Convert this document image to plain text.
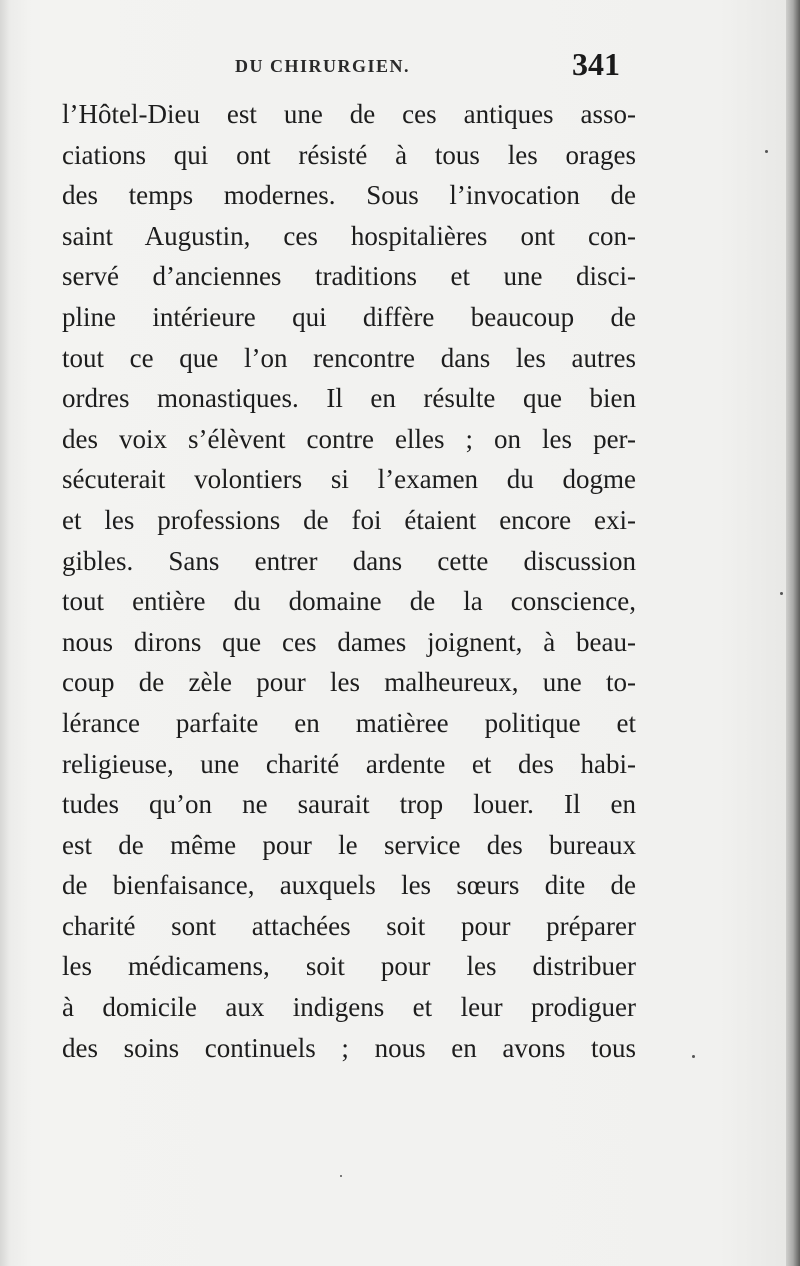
DU CHIRURGIEN.	341
l’Hôtel-Dieu est une de ces antiques asso-
ciations qui ont résisté à tous les orages
des temps modernes. Sous l’invocation de
saint Augustin, ces hospitalières ont con-
servé d’anciennes traditions et une disci-
pline intérieure qui diffère beaucoup de
tout ce que l’on rencontre dans les autres
ordres monastiques. Il en résulte que bien
des voix s’élèvent contre elles ; on les per-
sécuterait volontiers si l’examen du dogme
et les professions de foi étaient encore exi-
gibles. Sans entrer dans cette discussion
tout entière du domaine de la conscience,
nous dirons que ces dames joignent, à beau-
coup de zèle pour les malheureux, une to-
lérance parfaite en matièree politique et
religieuse, une charité ardente et des habi-
tudes qu’on ne saurait trop louer. Il en
est de même pour le service des bureaux
de bienfaisance, auxquels les sœurs dite de
charité sont attachées soit pour préparer
les médicamens, soit pour les distribuer
à domicile aux indigens et leur prodiguer
des soins continuels ; nous en avons tous
